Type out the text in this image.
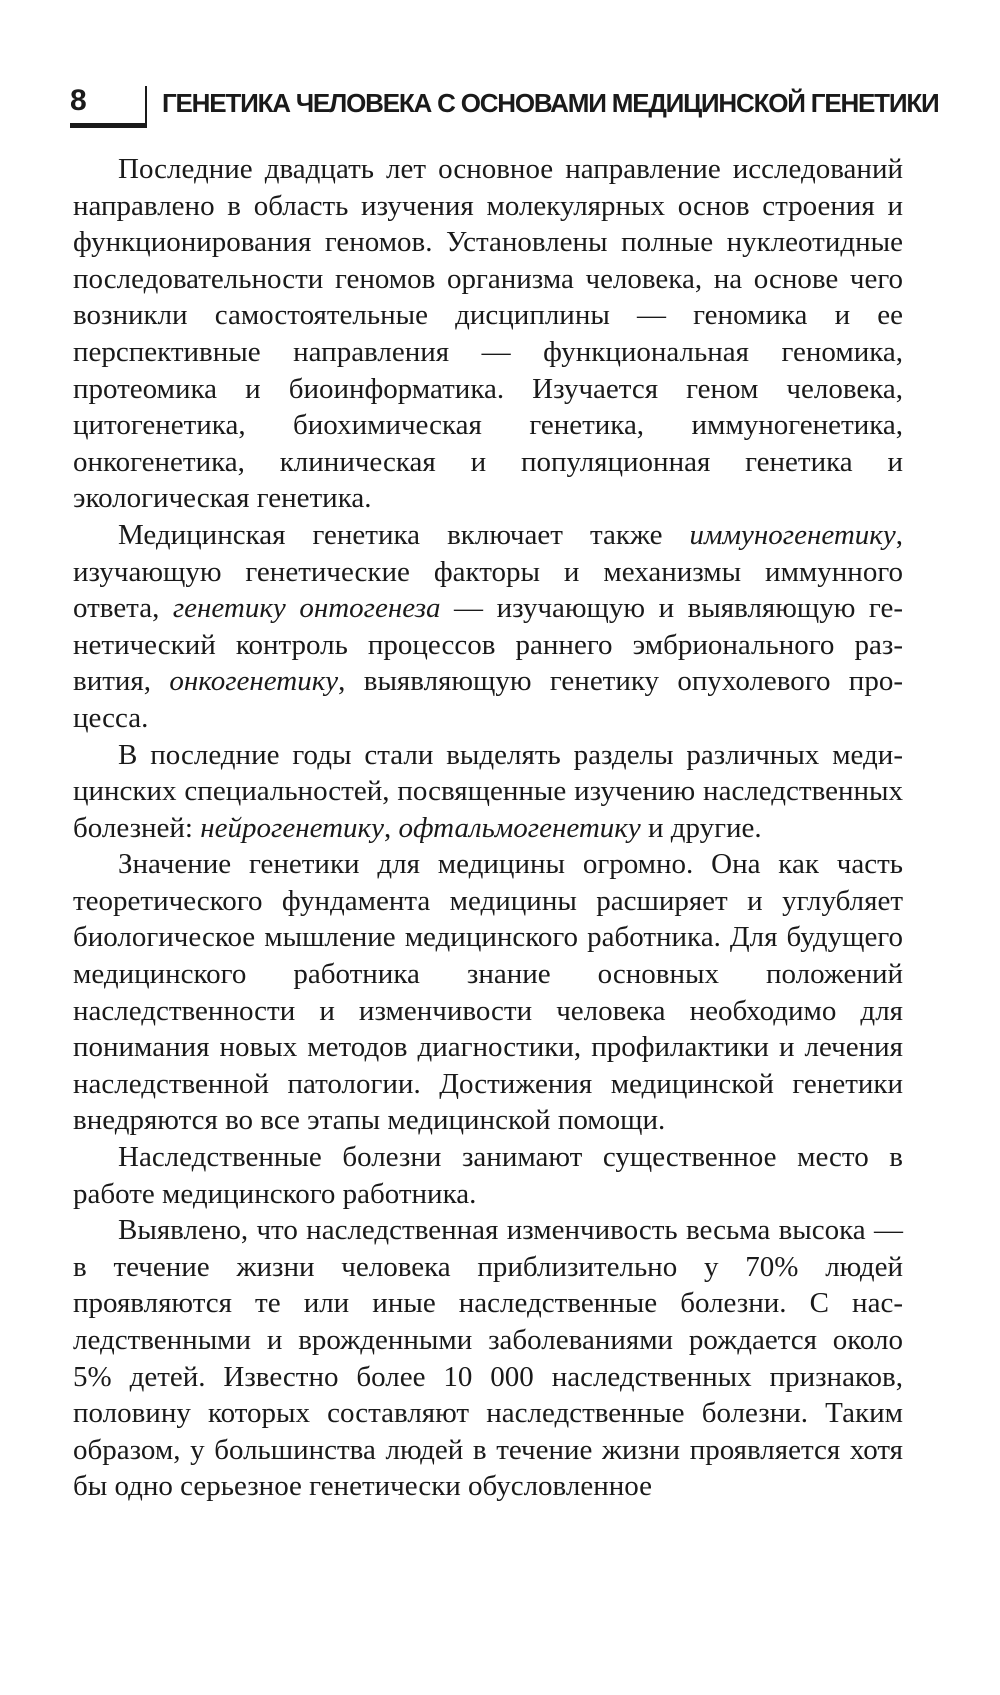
8	ГЕНЕТИКА ЧЕЛОВЕКА С ОСНОВАМИ МЕДИЦИНСКОЙ ГЕНЕТИКИ

Последние двадцать лет основное направление исследований направлено в область изучения молекулярных основ строения и функционирования геномов. Установлены полные нуклеотидные последовательности геномов организма человека, на основе чего возникли самостоятельные дисциплины — геномика и ее перспективные направления — функциональная геномика, протеомика и биоинформатика. Изучается геном человека, цитогенетика, биохимическая генетика, иммуногенетика, онкогенетика, клиническая и популяционная генетика и экологическая генетика.

Медицинская генетика включает также иммуногенетику, изучающую генетические факторы и механизмы иммунного ответа, генетику онтогенеза — изучающую и выявляющую генетический контроль процессов раннего эмбрионального развития, онкогенетику, выявляющую генетику опухолевого процесса.

В последние годы стали выделять разделы различных медицинских специальностей, посвященные изучению наследственных болезней: нейрогенетику, офтальмогенетику и другие.

Значение генетики для медицины огромно. Она как часть теоретического фундамента медицины расширяет и углубляет биологическое мышление медицинского работника. Для будущего медицинского работника знание основных положений наследственности и изменчивости человека необходимо для понимания новых методов диагностики, профилактики и лечения наследственной патологии. Достижения медицинской генетики внедряются во все этапы медицинской помощи.

Наследственные болезни занимают существенное место в работе медицинского работника.

Выявлено, что наследственная изменчивость весьма высока — в течение жизни человека приблизительно у 70% людей проявляются те или иные наследственные болезни. С наследственными и врожденными заболеваниями рождается около 5% детей. Известно более 10 000 наследственных признаков, половину которых составляют наследственные болезни. Таким образом, у большинства людей в течение жизни проявляется хотя бы одно серьезное генетически обусловленное
